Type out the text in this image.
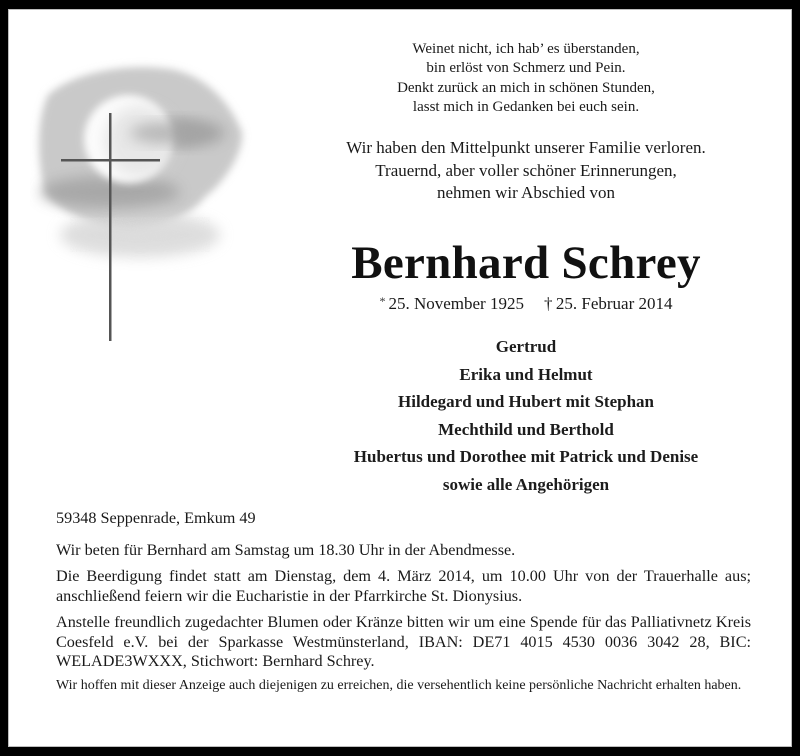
Weinet nicht, ich hab’ es überstanden,
bin erlöst von Schmerz und Pein.
Denkt zurück an mich in schönen Stunden,
lasst mich in Gedanken bei euch sein.
Wir haben den Mittelpunkt unserer Familie verloren.
Trauernd, aber voller schöner Erinnerungen,
nehmen wir Abschied von
Bernhard Schrey
* 25. November 1925 †  25. Februar 2014
Gertrud
Erika und Helmut
Hildegard und Hubert mit Stephan
Mechthild und Berthold
Hubertus und Dorothee mit Patrick und Denise
sowie alle Angehörigen
59348 Seppenrade, Emkum 49
Wir beten für Bernhard am Samstag um 18.30 Uhr in der Abendmesse.
Die Beerdigung findet statt am Dienstag, dem 4. März 2014, um 10.00 Uhr von der Trauerhalle aus; anschließend feiern wir die Eucharistie in der Pfarrkirche St. Dionysius.
Anstelle freundlich zugedachter Blumen oder Kränze bitten wir um eine Spende für das Palliativnetz Kreis Coesfeld e.V. bei der Sparkasse Westmünsterland, IBAN: DE71 4015 4530 0036 3042 28, BIC: WELADE3WXXX, Stichwort: Bernhard Schrey.
Wir hoffen mit dieser Anzeige auch diejenigen zu erreichen, die versehentlich keine persönliche Nachricht erhalten haben.
